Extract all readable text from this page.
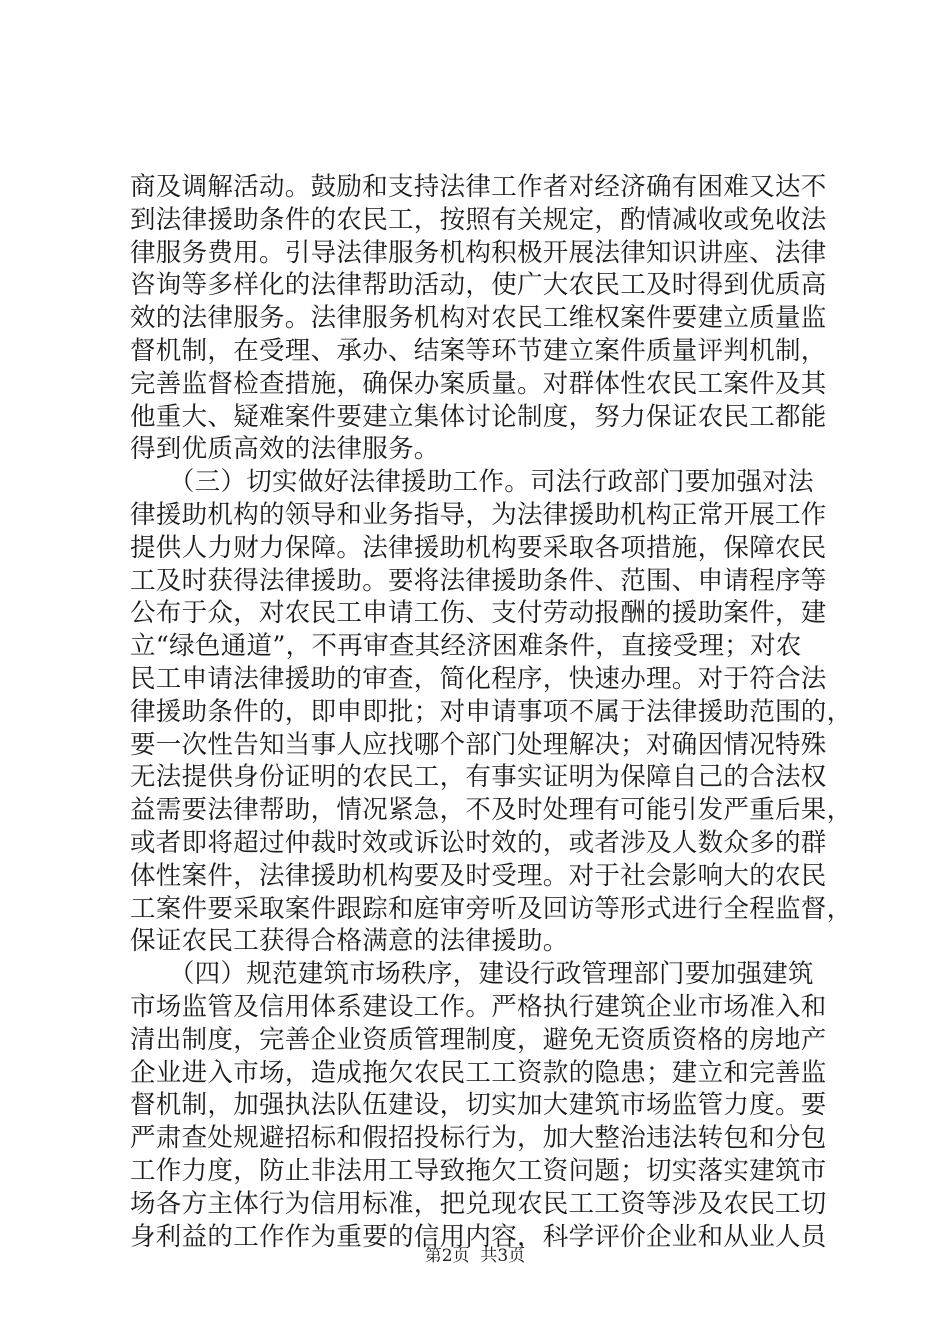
商及调解活动。鼓励和支持法律工作者对经济确有困难又达不
到法律援助条件的农民工，按照有关规定，酌情减收或免收法
律服务费用。引导法律服务机构积极开展法律知识讲座、法律
咨询等多样化的法律帮助活动，使广大农民工及时得到优质高
效的法律服务。法律服务机构对农民工维权案件要建立质量监
督机制，在受理、承办、结案等环节建立案件质量评判机制，
完善监督检查措施，确保办案质量。对群体性农民工案件及其
他重大、疑难案件要建立集体讨论制度，努力保证农民工都能
得到优质高效的法律服务。
　　（三）切实做好法律援助工作。司法行政部门要加强对法
律援助机构的领导和业务指导，为法律援助机构正常开展工作
提供人力财力保障。法律援助机构要采取各项措施，保障农民
工及时获得法律援助。要将法律援助条件、范围、申请程序等
公布于众，对农民工申请工伤、支付劳动报酬的援助案件，建
立“绿色通道”，不再审查其经济困难条件，直接受理；对农
民工申请法律援助的审查，简化程序，快速办理。对于符合法
律援助条件的，即申即批；对申请事项不属于法律援助范围的，
要一次性告知当事人应找哪个部门处理解决；对确因情况特殊
无法提供身份证明的农民工，有事实证明为保障自己的合法权
益需要法律帮助，情况紧急，不及时处理有可能引发严重后果，
或者即将超过仲裁时效或诉讼时效的，或者涉及人数众多的群
体性案件，法律援助机构要及时受理。对于社会影响大的农民
工案件要采取案件跟踪和庭审旁听及回访等形式进行全程监督，
保证农民工获得合格满意的法律援助。
　　（四）规范建筑市场秩序，建设行政管理部门要加强建筑
市场监管及信用体系建设工作。严格执行建筑企业市场准入和
清出制度，完善企业资质管理制度，避免无资质资格的房地产
企业进入市场，造成拖欠农民工工资款的隐患；建立和完善监
督机制，加强执法队伍建设，切实加大建筑市场监管力度。要
严肃查处规避招标和假招投标行为，加大整治违法转包和分包
工作力度，防止非法用工导致拖欠工资问题；切实落实建筑市
场各方主体行为信用标准，把兑现农民工工资等涉及农民工切
身利益的工作作为重要的信用内容，科学评价企业和从业人员
第2页  共3页
